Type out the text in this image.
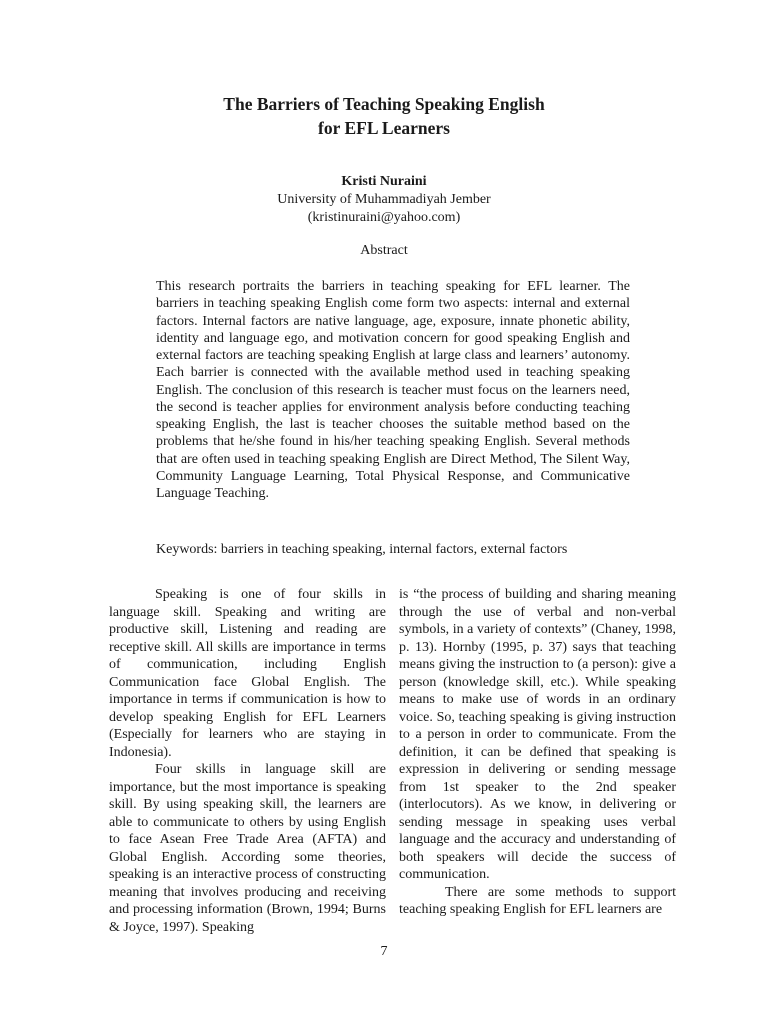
The Barriers of Teaching Speaking English
for EFL Learners
Kristi Nuraini
University of Muhammadiyah Jember
(kristinuraini@yahoo.com)
Abstract

This research portraits the barriers in teaching speaking for EFL learner. The barriers in teaching speaking English come form two aspects: internal and external factors. Internal factors are native language, age, exposure, innate phonetic ability, identity and language ego, and motivation concern for good speaking English and external factors are teaching speaking English at large class and learners’ autonomy. Each barrier is connected with the available method used in teaching speaking English. The conclusion of this research is teacher must focus on the learners need, the second is teacher applies for environment analysis before conducting teaching speaking English, the last is teacher chooses the suitable method based on the problems that he/she found in his/her teaching speaking English. Several methods that are often used in teaching speaking English are Direct Method, The Silent Way, Community Language Learning, Total Physical Response, and Communicative Language Teaching.

Keywords: barriers in teaching speaking, internal factors, external factors

Speaking is one of four skills in language skill. Speaking and writing are productive skill, Listening and reading are receptive skill. All skills are importance in terms of communication, including English Communication face Global English. The importance in terms if communication is how to develop speaking English for EFL Learners (Especially for learners who are staying in Indonesia).

Four skills in language skill are importance, but the most importance is speaking skill. By using speaking skill, the learners are able to communicate to others by using English to face Asean Free Trade Area (AFTA) and Global English. According some theories, speaking is an interactive process of constructing meaning that involves producing and receiving and processing information (Brown, 1994; Burns & Joyce, 1997). Speaking

is “the process of building and sharing meaning through the use of verbal and non-verbal symbols, in a variety of contexts” (Chaney, 1998, p. 13). Hornby (1995, p. 37) says that teaching means giving the instruction to (a person): give a person (knowledge skill, etc.). While speaking means to make use of words in an ordinary voice. So, teaching speaking is giving instruction to a person in order to communicate. From the definition, it can be defined that speaking is expression in delivering or sending message from 1st speaker to the 2nd speaker (interlocutors). As we know, in delivering or sending message in speaking uses verbal language and the accuracy and understanding of both speakers will decide the success of communication.

There are some methods to support teaching speaking English for EFL learners are

7
